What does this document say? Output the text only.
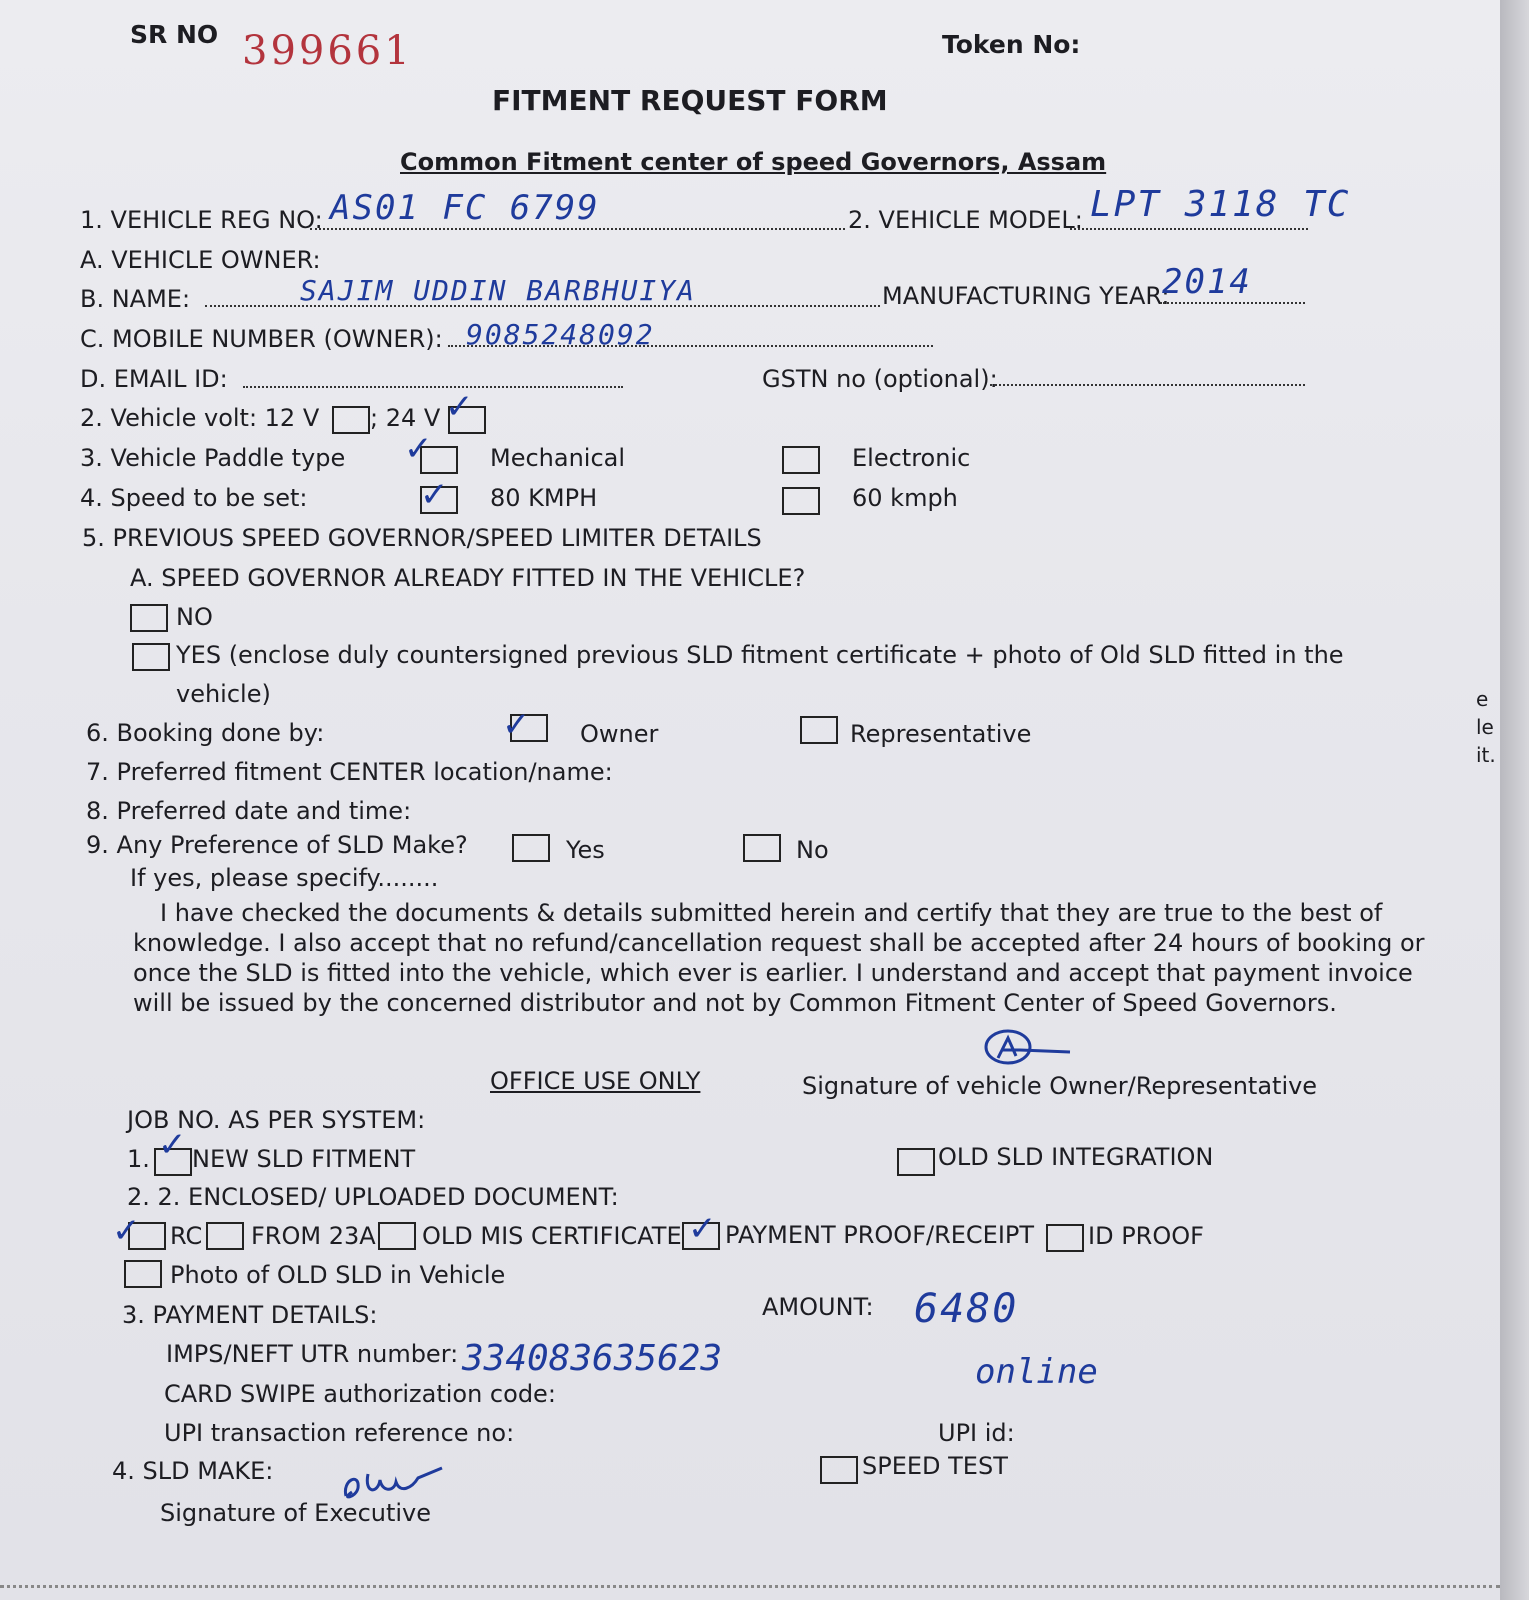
SR NO 399661	Token No:
FITMENT REQUEST FORM
Common Fitment center of speed Governors, Assam
1. VEHICLE REG NO: AS01 FC 6799	2. VEHICLE MODEL: LPT 3118 TC
A. VEHICLE OWNER:
B. NAME:	SAJIM UDDIN BARBHUIYA	MANUFACTURING YEAR:
2014
C. MOBILE NUMBER (OWNER): 9085248092
D. EMAIL ID:	GSTN no (optional):
2. Vehicle volt: 12 V ; 24 V ✓
3. Vehicle Paddle type ✓ Mechanical	Electronic
4. Speed to be set:	✓ 80 KMPH	60 kmph
5. PREVIOUS SPEED GOVERNOR/SPEED LIMITER DETAILS
A. SPEED GOVERNOR ALREADY FITTED IN THE VEHICLE?
NO
YES (enclose duly countersigned previous SLD fitment certificate + photo of Old SLD fitted in the
vehicle)
6. Booking done by:	✓ Owner	Representative
7. Preferred fitment CENTER location/name:
8. Preferred date and time:
9. Any Preference of SLD Make?	Yes	No
If yes, please specify........
I have checked the documents & details submitted herein and certify that they are true to the best of
knowledge. I also accept that no refund/cancellation request shall be accepted after 24 hours of booking or
once the SLD is fitted into the vehicle, which ever is earlier. I understand and accept that payment invoice
will be issued by the concerned distributor and not by Common Fitment Center of Speed Governors.
OFFICE USE ONLY	Signature of vehicle Owner/Representative
JOB NO. AS PER SYSTEM:
1. ✓ NEW SLD FITMENT	OLD SLD INTEGRATION
2. 2. ENCLOSED/ UPLOADED DOCUMENT:
✓ RC FROM 23A OLD MIS CERTIFICATE ✓ PAYMENT PROOF/RECEIPT ID PROOF
Photo of OLD SLD in Vehicle
3. PAYMENT DETAILS:	AMOUNT: 6480
IMPS/NEFT UTR number: 334083635623	online
CARD SWIPE authorization code:
UPI transaction reference no:	UPI id:
4. SLD MAKE:	SPEED TEST
Signature of Executive
e
le
it.
